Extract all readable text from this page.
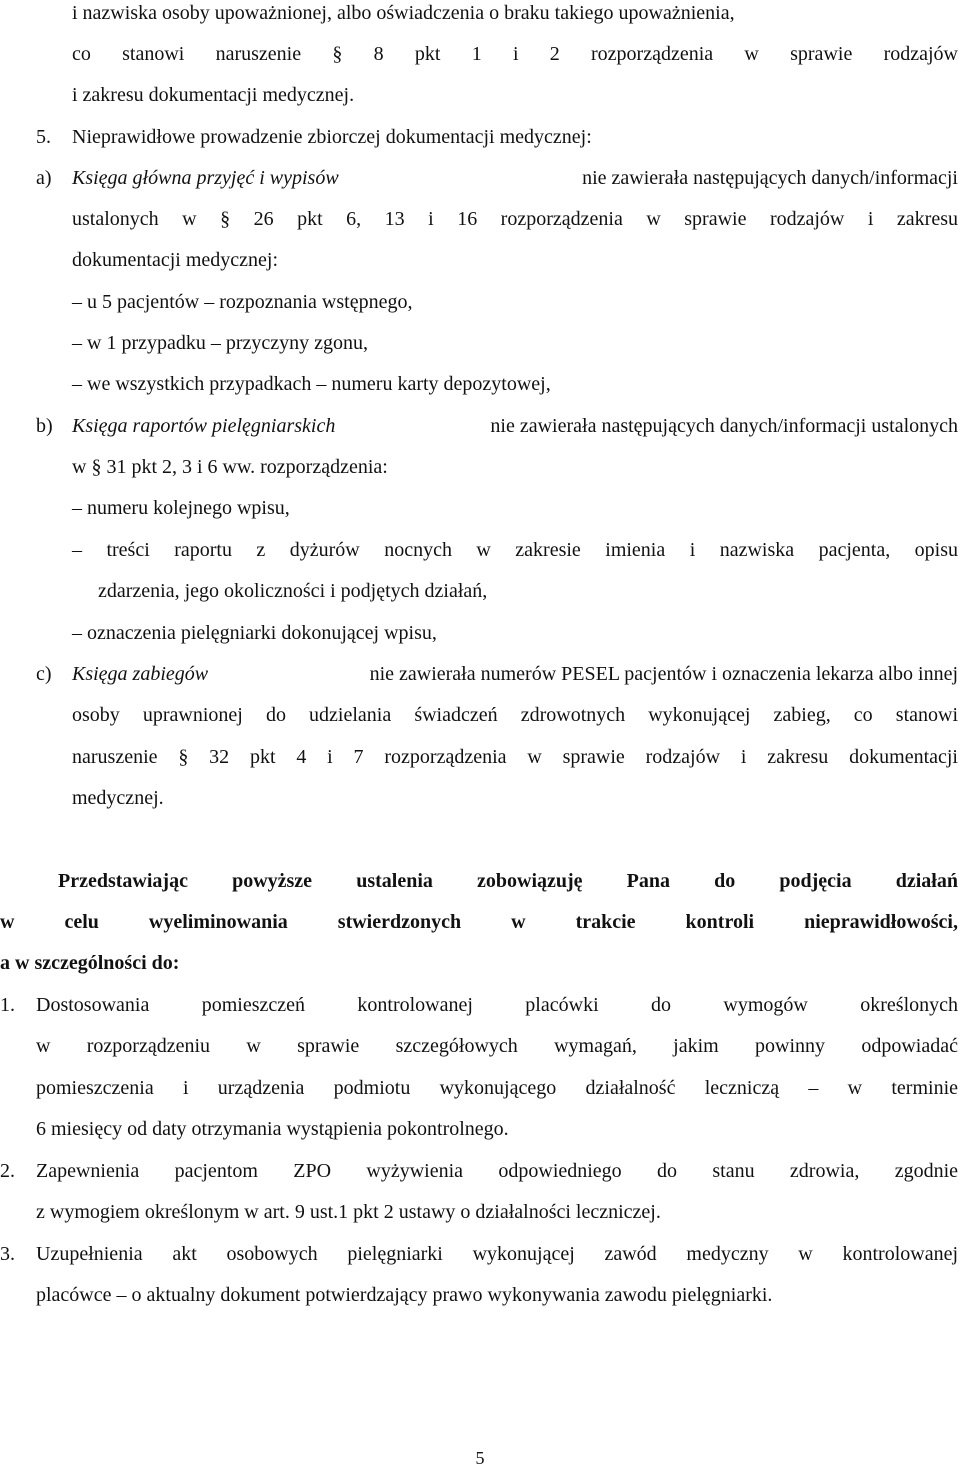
i nazwiska osoby upoważnionej, albo oświadczenia o braku takiego upoważnienia,
co stanowi naruszenie § 8 pkt 1 i 2 rozporządzenia w sprawie rodzajów
i zakresu dokumentacji medycznej.
5. Nieprawidłowe prowadzenie zbiorczej dokumentacji medycznej:
a) Księga główna przyjęć i wypisów	nie zawierała następujących danych/informacji
ustalonych w § 26 pkt 6, 13 i 16 rozporządzenia w sprawie rodzajów i zakresu
dokumentacji medycznej:
– u 5 pacjentów – rozpoznania wstępnego,
– w 1 przypadku – przyczyny zgonu,
– we wszystkich przypadkach – numeru karty depozytowej,
b) Księga raportów pielęgniarskich	nie zawierała następujących danych/informacji ustalonych
w § 31 pkt 2, 3 i 6 ww. rozporządzenia:
– numeru kolejnego wpisu,
– treści raportu z dyżurów nocnych w zakresie imienia i nazwiska pacjenta, opisu
zdarzenia, jego okoliczności i podjętych działań,
– oznaczenia pielęgniarki dokonującej wpisu,
c) Księga zabiegów	nie zawierała numerów PESEL pacjentów i oznaczenia lekarza albo innej
osoby uprawnionej do udzielania świadczeń zdrowotnych wykonującej zabieg, co stanowi
naruszenie § 32 pkt 4 i 7 rozporządzenia w sprawie rodzajów i zakresu dokumentacji
medycznej.
Przedstawiając powyższe ustalenia zobowiązuję Pana do podjęcia działań
w celu wyeliminowania stwierdzonych w trakcie kontroli nieprawidłowości,
a w szczególności do:
1. Dostosowania pomieszczeń kontrolowanej placówki do wymogów określonych
w rozporządzeniu w sprawie szczegółowych wymagań, jakim powinny odpowiadać
pomieszczenia i urządzenia podmiotu wykonującego działalność leczniczą – w terminie
6 miesięcy od daty otrzymania wystąpienia pokontrolnego.
2. Zapewnienia pacjentom ZPO wyżywienia odpowiedniego do stanu zdrowia, zgodnie
z wymogiem określonym w art. 9 ust.1 pkt 2 ustawy o działalności leczniczej.
3. Uzupełnienia akt osobowych pielęgniarki wykonującej zawód medyczny w kontrolowanej
placówce – o aktualny dokument potwierdzający prawo wykonywania zawodu pielęgniarki.
5
